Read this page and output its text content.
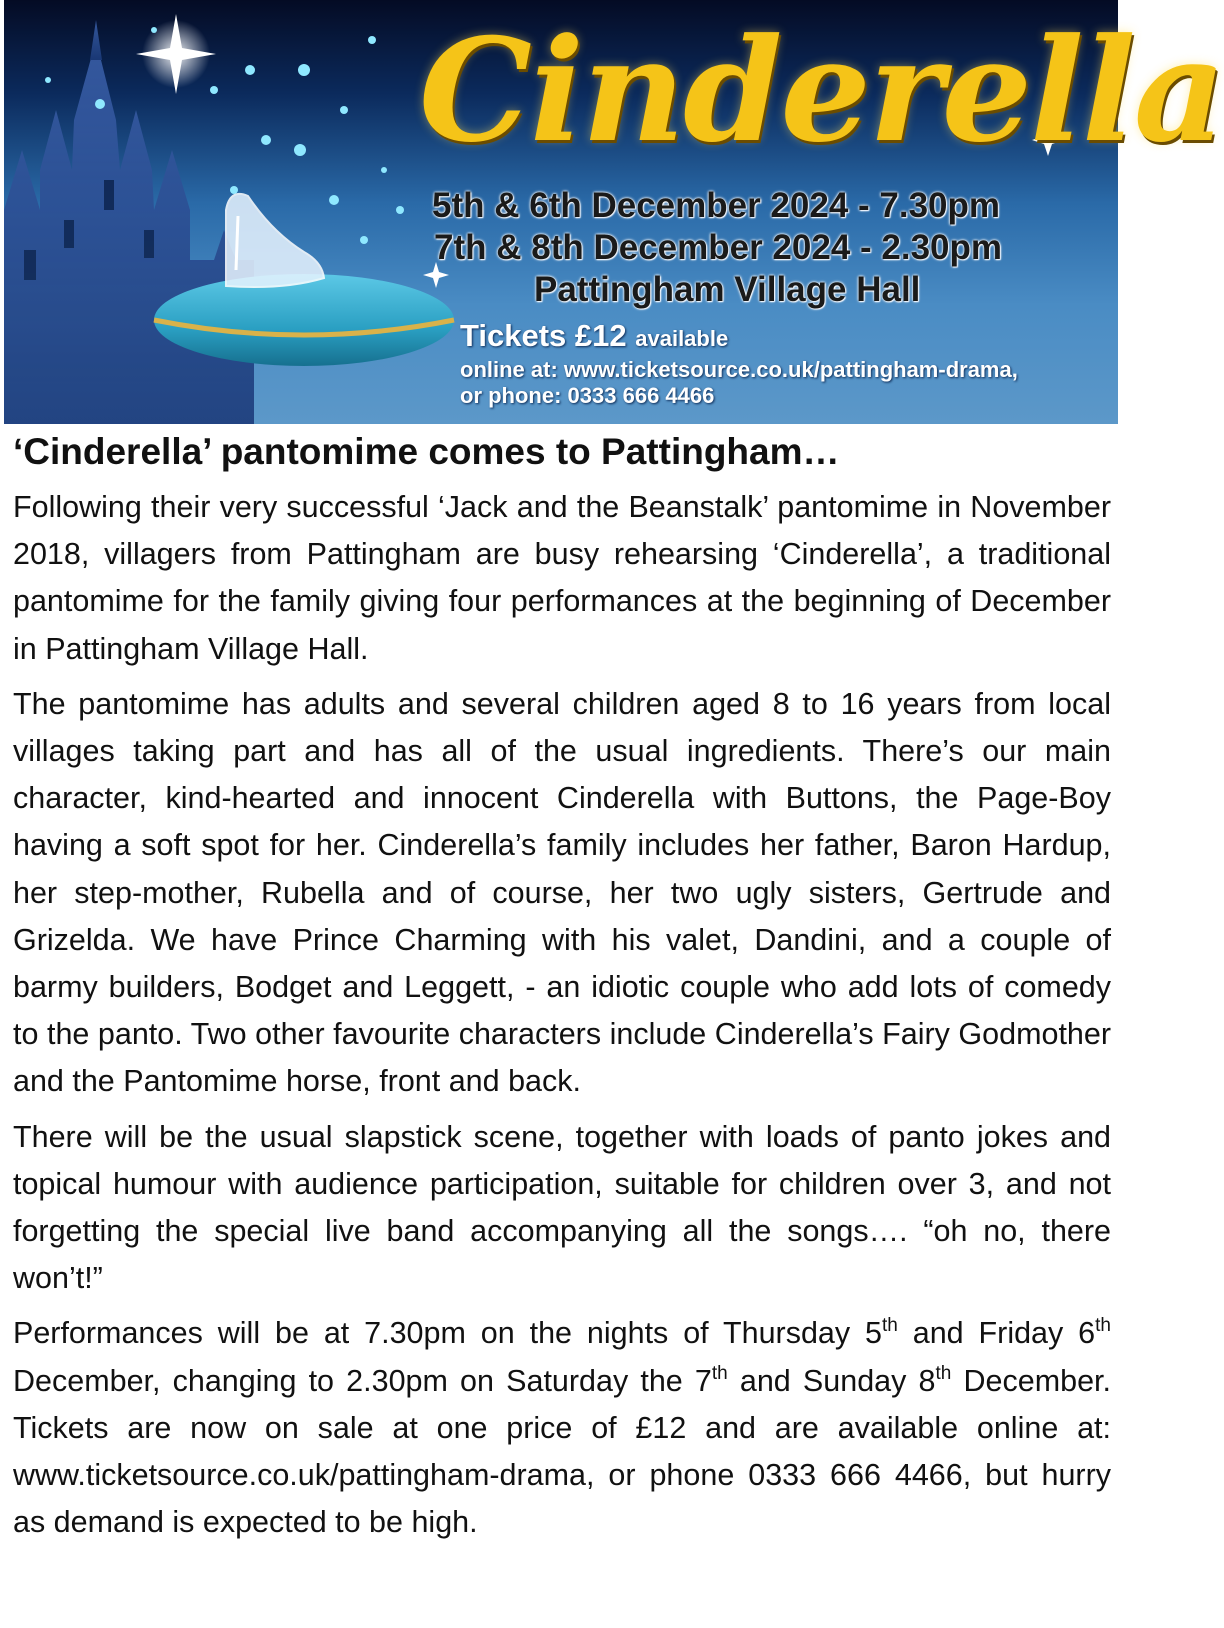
Cinderella
5th & 6th December 2024 - 7.30pm
7th & 8th December 2024 - 2.30pm
Pattingham Village Hall
Tickets £12 available
online at: www.ticketsource.co.uk/pattingham-drama,
or phone: 0333 666 4466
‘Cinderella’ pantomime comes to Pattingham…

Following their very successful ‘Jack and the Beanstalk’ pantomime in November 2018, villagers from Pattingham are busy rehearsing ‘Cinderella’, a traditional pantomime for the family giving four performances at the beginning of December in Pattingham Village Hall.

The pantomime has adults and several children aged 8 to 16 years from local villages taking part and has all of the usual ingredients. There’s our main character, kind-hearted and innocent Cinderella with Buttons, the Page-Boy having a soft spot for her. Cinderella’s family includes her father, Baron Hardup, her step-mother, Rubella and of course, her two ugly sisters, Gertrude and Grizelda. We have Prince Charming with his valet, Dandini, and a couple of barmy builders, Bodget and Leggett, - an idiotic couple who add lots of comedy to the panto. Two other favourite characters include Cinderella’s Fairy Godmother and the Pantomime horse, front and back.

There will be the usual slapstick scene, together with loads of panto jokes and topical humour with audience participation, suitable for children over 3, and not forgetting the special live band accompanying all the songs…. “oh no, there won’t!”

Performances will be at 7.30pm on the nights of Thursday 5th and Friday 6th December, changing to 2.30pm on Saturday the 7th and Sunday 8th December. Tickets are now on sale at one price of £12 and are available online at: www.ticketsource.co.uk/pattingham-drama, or phone 0333 666 4466, but hurry as demand is expected to be high.
